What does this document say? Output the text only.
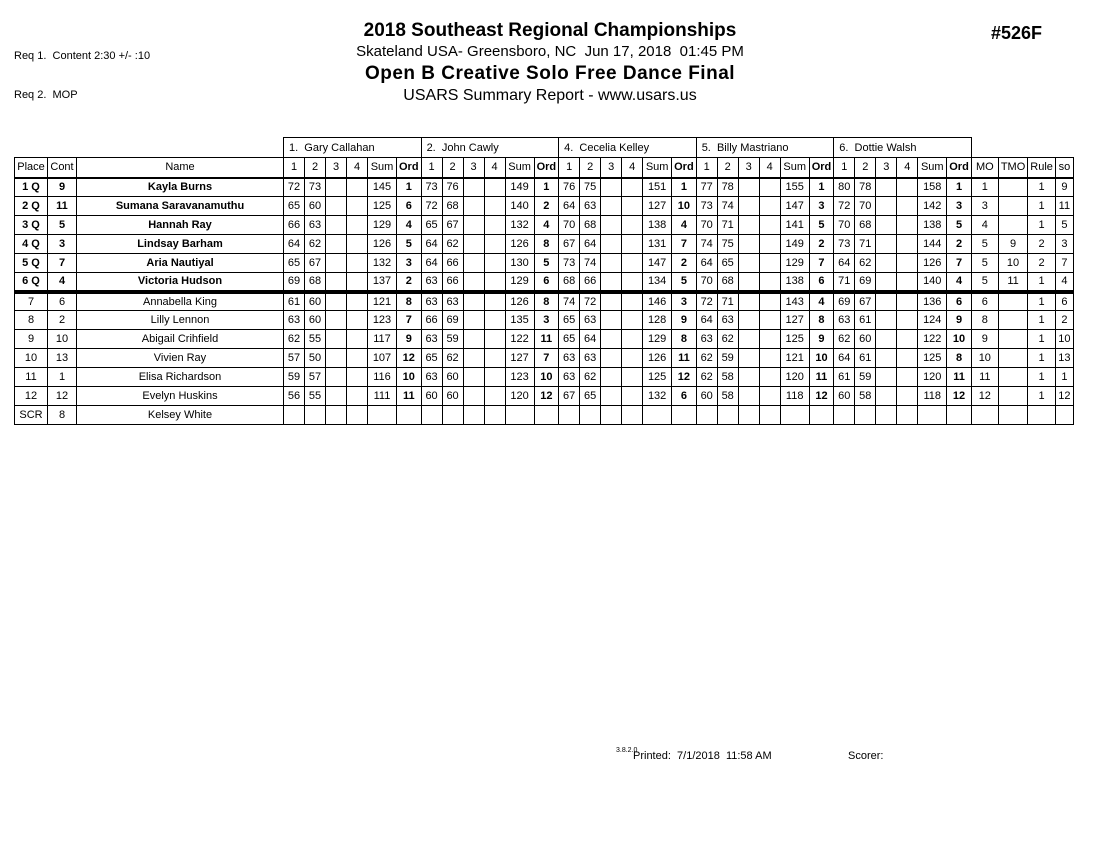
Req 1.  Content 2:30 +/- :10

Req 2.  MOP

2018 Southeast Regional Championships
Skateland USA- Greensboro, NC  Jun 17, 2018  01:45 PM
Open B Creative Solo Free Dance Final
USARS Summary Report - www.usars.us
#526F
			1.  Gary Callahan						2.  John Cawly						4.  Cecelia Kelley						5.  Billy Mastriano						6.  Dottie Walsh									
Place	Cont	Name	1	2	3	4	Sum	Ord	1	2	3	4	Sum	Ord	1	2	3	4	Sum	Ord	1	2	3	4	Sum	Ord	1	2	3	4	Sum	Ord	MO	TMO	Rule	so
1 Q	9	Kayla Burns	72	73			145	1	73	76			149	1	76	75			151	1	77	78			155	1	80	78			158	1	1		1	9
2 Q	11	Sumana Saravanamuthu	65	60			125	6	72	68			140	2	64	63			127	10	73	74			147	3	72	70			142	3	3		1	11
3 Q	5	Hannah Ray	66	63			129	4	65	67			132	4	70	68			138	4	70	71			141	5	70	68			138	5	4		1	5
4 Q	3	Lindsay Barham	64	62			126	5	64	62			126	8	67	64			131	7	74	75			149	2	73	71			144	2	5	9	2	3
5 Q	7	Aria Nautiyal	65	67			132	3	64	66			130	5	73	74			147	2	64	65			129	7	64	62			126	7	5	10	2	7
6 Q	4	Victoria Hudson	69	68			137	2	63	66			129	6	68	66			134	5	70	68			138	6	71	69			140	4	5	11	1	4
7	6	Annabella King	61	60			121	8	63	63			126	8	74	72			146	3	72	71			143	4	69	67			136	6	6		1	6
8	2	Lilly Lennon	63	60			123	7	66	69			135	3	65	63			128	9	64	63			127	8	63	61			124	9	8		1	2
9	10	Abigail Crihfield	62	55			117	9	63	59			122	11	65	64			129	8	63	62			125	9	62	60			122	10	9		1	10
10	13	Vivien Ray	57	50			107	12	65	62			127	7	63	63			126	11	62	59			121	10	64	61			125	8	10		1	13
11	1	Elisa Richardson	59	57			116	10	63	60			123	10	63	62			125	12	62	58			120	11	61	59			120	11	11		1	1
12	12	Evelyn Huskins	56	55			111	11	60	60			120	12	67	65			132	6	60	58			118	12	60	58			118	12	12		1	12
SCR	8	Kelsey White																																		
3.8.2.0
Printed:  7/1/2018  11:58 AM	Scorer:
